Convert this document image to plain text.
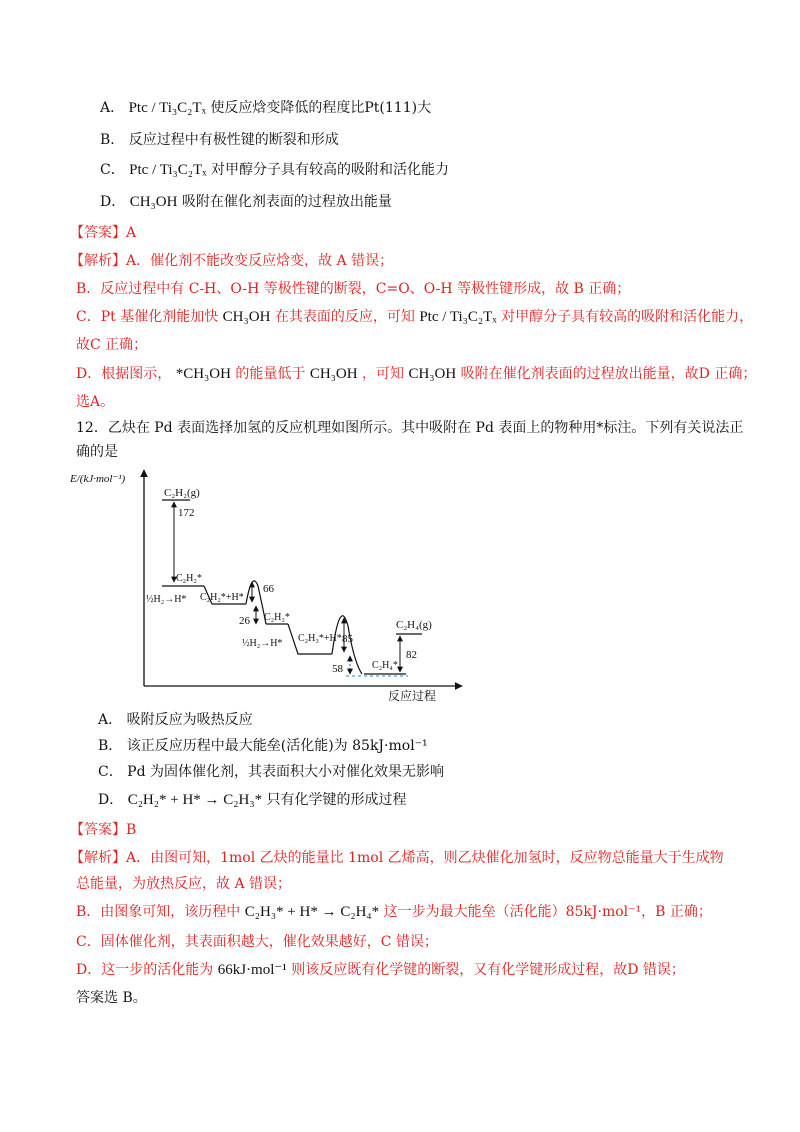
A． Ptc / Ti₃C₂Tₓ 使反应焓变降低的程度比Pt(111)大
B． 反应过程中有极性键的断裂和形成
C． Ptc / Ti₃C₂Tₓ 对甲醇分子具有较高的吸附和活化能力
D． CH₃OH 吸附在催化剂表面的过程放出能量
【答案】A
【解析】A．催化剂不能改变反应焓变，故 A 错误；
B．反应过程中有 C-H、O-H 等极性键的断裂，C=O、O-H 等极性键形成，故 B 正确；
C．Pt 基催化剂能加快 CH₃OH 在其表面的反应，可知 Ptc / Ti₃C₂Tₓ 对甲醇分子具有较高的吸附和活化能力，
故C 正确；
D．根据图示， *CH₃OH 的能量低于 CH₃OH ，可知 CH₃OH 吸附在催化剂表面的过程放出能量，故D 正确；
选A。
12．乙炔在 Pd 表面选择加氢的反应机理如图所示。其中吸附在 Pd 表面上的物种用*标注。下列有关说法正
确的是
E/(kJ·mol⁻¹)
反应过程
C₂H₂(g)
172
C₂H₂*
½H₂→H* C₂H₂*+H*
66
26 C₂H₃*
½H₂→H* C₂H₃*+H* 85
58	C₂H₄*
C₂H₄(g)
82
A． 吸附反应为吸热反应
B． 该正反应历程中最大能垒(活化能)为 85kJ·mol⁻¹
C． Pd 为固体催化剂，其表面积大小对催化效果无影响
D． C₂H₂* + H* → C₂H₃* 只有化学键的形成过程
【答案】B
【解析】A．由图可知，1mol 乙炔的能量比 1mol 乙烯高，则乙炔催化加氢时，反应物总能量大于生成物
总能量，为放热反应，故 A 错误；
B．由图象可知，该历程中 C₂H₃* + H* → C₂H₄* 这一步为最大能垒（活化能）85kJ·mol⁻¹，B 正确；
C．固体催化剂，其表面积越大，催化效果越好，C 错误；
D．这一步的活化能为 66kJ·mol⁻¹ 则该反应既有化学键的断裂，又有化学键形成过程，故D 错误；
答案选 B。
